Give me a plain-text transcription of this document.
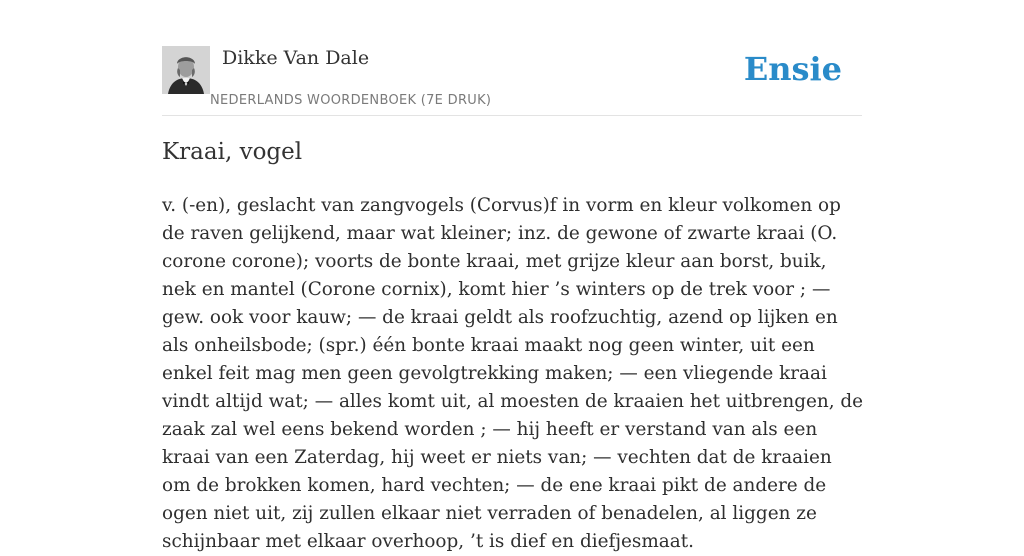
Dikke Van Dale
NEDERLANDS WOORDENBOEK (7E DRUK)
Ensie
Kraai, vogel

v. (-en), geslacht van zangvogels (Corvus)f in vorm en kleur volkomen op de raven gelijkend, maar wat kleiner; inz. de gewone of zwarte kraai (O. corone corone); voorts de bonte kraai, met grijze kleur aan borst, buik, nek en mantel (Corone cornix), komt hier ’s winters op de trek voor ; — gew. ook voor kauw; — de kraai geldt als roofzuchtig, azend op lijken en als onheilsbode; (spr.) één bonte kraai maakt nog geen winter, uit een enkel feit mag men geen gevolgtrekking maken; — een vliegende kraai vindt altijd wat; — alles komt uit, al moesten de kraaien het uitbrengen, de zaak zal wel eens bekend worden ; — hij heeft er verstand van als een kraai van een Zaterdag, hij weet er niets van; — vechten dat de kraaien om de brokken komen, hard vechten; — de ene kraai pikt de andere de ogen niet uit, zij zullen elkaar niet verraden of benadelen, al liggen ze schijnbaar met elkaar overhoop, ’t is dief en diefjesmaat.
